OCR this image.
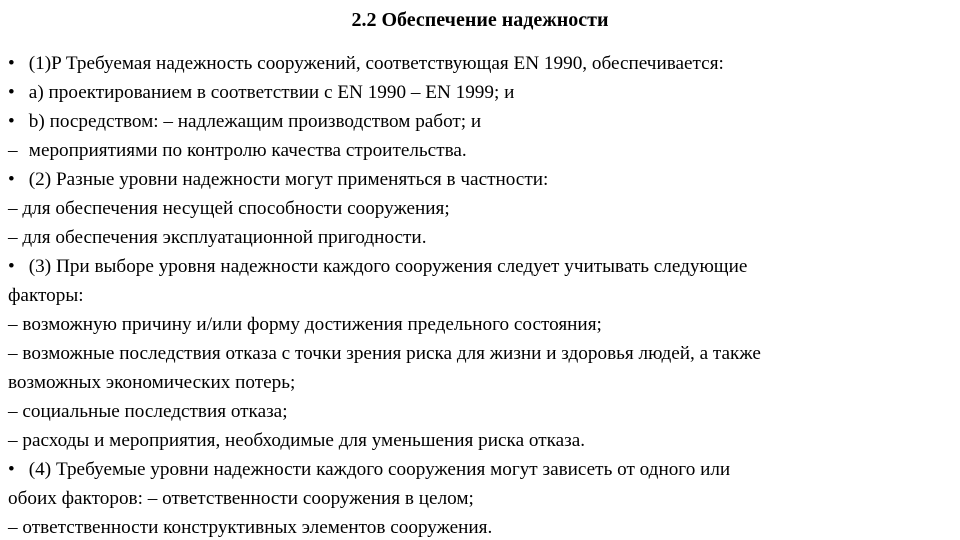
2.2 Обеспечение надежности

• (1)P Требуемая надежность сооружений, соответствующая EN 1990, обеспечивается:

• a) проектированием в соответствии с EN 1990 – EN 1999; и

• b) посредством: – надлежащим производством работ; и

– мероприятиями по контролю качества строительства.

• (2) Разные уровни надежности могут применяться в частности:

– для обеспечения несущей способности сооружения;

– для обеспечения эксплуатационной пригодности.

• (3) При выборе уровня надежности каждого сооружения следует учитывать следующие

факторы:

– возможную причину и/или форму достижения предельного состояния;

– возможные последствия отказа с точки зрения риска для жизни и здоровья людей, а также

возможных экономических потерь;

– социальные последствия отказа;

– расходы и мероприятия, необходимые для уменьшения риска отказа.

• (4) Требуемые уровни надежности каждого сооружения могут зависеть от одного или

обоих факторов: – ответственности сооружения в целом;

– ответственности конструктивных элементов сооружения.
